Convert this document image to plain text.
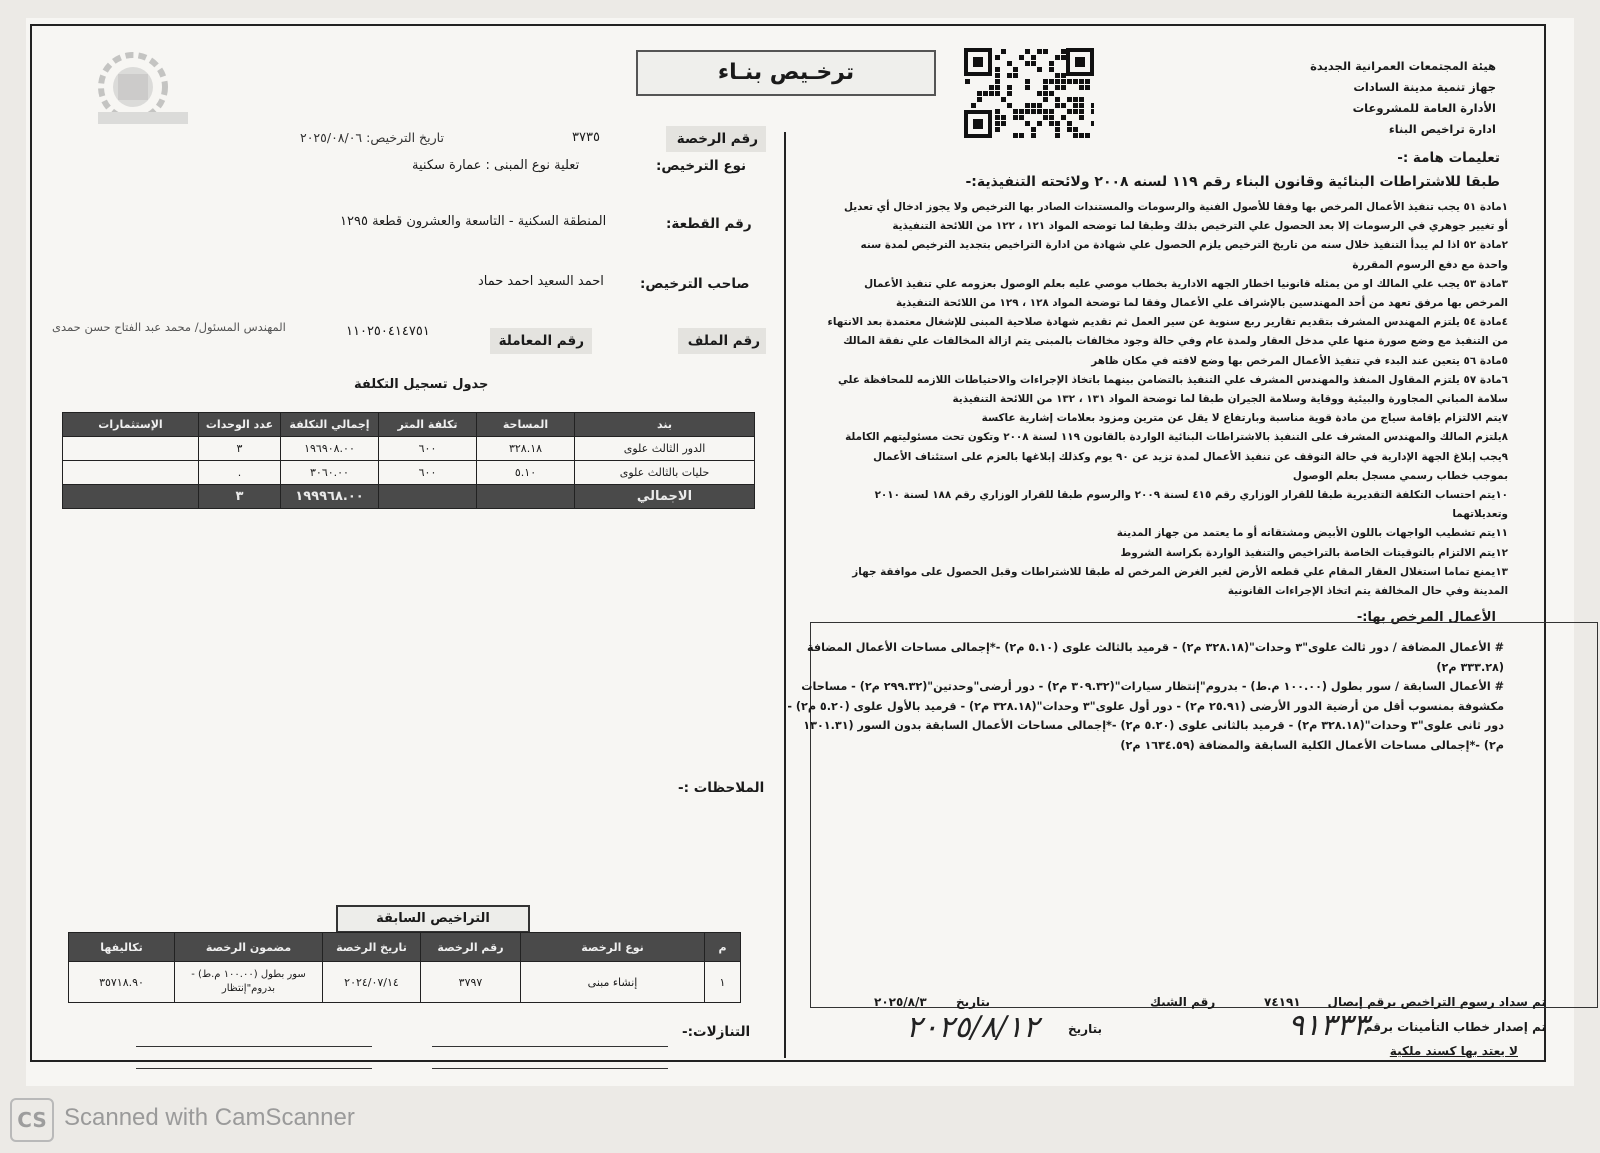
ترخـيص بنـاء	هيئة المجتمعات العمرانية الجديدة
جهاز تنمية مدينة السادات
الأدارة العامة للمشروعات
ادارة تراخيص البناء
تعليمات هامة :-
طبقا للاشتراطات البنائية وقانون البناء رقم ١١٩ لسنه ٢٠٠٨ ولائحته التنفيذية:-
١مادة ٥١ يجب تنفيذ الأعمال المرخص بها وفقا للأصول الفنية والرسومات والمستندات الصادر بها الترخيص ولا يجوز ادخال أي تعديل
أو تغيير جوهري في الرسومات إلا بعد الحصول علي الترخيص بذلك وطبقا لما توضحه المواد ١٢١ ، ١٢٢ من اللائحة التنفيذية
٢مادة ٥٢ اذا لم يبدأ التنفيذ خلال سنه من تاريخ الترخيص يلزم الحصول علي شهادة من ادارة التراخيص بتجديد الترخيص لمدة سنه
واحدة مع دفع الرسوم المقررة
٣مادة ٥٣ يجب علي المالك او من يمثله قانونيا اخطار الجهه الادارية بخطاب موصي عليه بعلم الوصول بعزومه علي تنفيذ الأعمال
المرخص بها مرفق تعهد من أحد المهندسين بالإشراف علي الأعمال وفقا لما توضحة المواد ١٢٨ ، ١٢٩ من اللائحة التنفيذية
٤مادة ٥٤ يلتزم المهندس المشرف بتقديم تقارير ربع سنوية عن سير العمل ثم تقديم شهادة صلاحية المبنى للإشغال معتمدة بعد الانتهاء
من التنفيذ مع وضع صورة منها علي مدخل العقار ولمدة عام وفي حالة وجود مخالفات بالمبنى يتم ازالة المخالفات علي نفقة المالك
٥مادة ٥٦ يتعين عند البدء في تنفيذ الأعمال المرخص بها وضع لافته في مكان ظاهر
٦مادة ٥٧ يلتزم المقاول المنفذ والمهندس المشرف علي التنفيذ بالتضامن بينهما باتخاذ الإجراءات والاحتياطات اللازمه للمحافظة علي
سلامة المباني المجاورة والبيئية ووقاية وسلامة الجيران طبقا لما توضحة المواد ١٣١ ، ١٣٢ من اللائحة التنفيذية
٧يتم الالتزام بإقامة سياج من مادة قوية مناسبة وبارتفاع لا يقل عن مترين ومزود بعلامات إشارية عاكسة
٨يلتزم المالك والمهندس المشرف على التنفيذ بالاشتراطات البنائية الواردة بالقانون ١١٩ لسنة ٢٠٠٨ وتكون تحت مسئوليتهم الكاملة
٩يجب إبلاغ الجهة الإدارية في حالة التوقف عن تنفيذ الأعمال لمدة تزيد عن ٩٠ يوم وكذلك إبلاغها بالعزم على استئناف الأعمال
بموجب خطاب رسمي مسجل بعلم الوصول
١٠يتم احتساب التكلفة التقديرية طبقا للقرار الوزاري رقم ٤١٥ لسنة ٢٠٠٩ والرسوم طبقا للقرار الوزاري رقم ١٨٨ لسنة ٢٠١٠
وتعديلاتهما
١١يتم تشطيب الواجهات باللون الأبيض ومشتقاته أو ما يعتمد من جهاز المدينة
١٢يتم الالتزام بالتوقيتات الخاصة بالتراخيص والتنفيذ الواردة بكراسة الشروط
١٣يمنع تماما استغلال العقار المقام علي قطعه الأرض لغير الغرض المرخص له طبقا للاشتراطات وقبل الحصول على موافقة جهاز
المدينة وفي حال المخالفة يتم اتخاذ الإجراءات القانونية
الأعمال المرخص بها:-

# الأعمال المضافة / دور ثالث علوى"٣ وحدات"(٣٢٨.١٨ م٢) - قرميد بالثالث علوى (٥.١٠ م٢) -*إجمالى مساحات الأعمال المضافة (٣٣٣.٢٨ م٢)

# الأعمال السابقة / سور بطول (١٠٠.٠٠ م.ط) - بدروم"إنتظار سيارات"(٣٠٩.٣٢ م٢) - دور أرضى"وحدتين"(٢٩٩.٣٢ م٢) - مساحات مكشوفة بمنسوب أقل من أرضية الدور الأرضى (٢٥.٩١ م٢) - دور أول علوى"٣ وحدات"(٣٢٨.١٨ م٢) - قرميد بالأول علوى (٥.٢٠ م٢) - دور ثانى علوى"٣ وحدات"(٣٢٨.١٨ م٢) - قرميد بالثانى علوى (٥.٢٠ م٢) -*إجمالى مساحات الأعمال السابقة بدون السور (١٣٠١.٣١ م٢) -*إجمالى مساحات الأعمال الكلية السابقة والمضافة (١٦٣٤.٥٩ م٢)

تم سداد رسوم التراخيص برقم إيصال
٧٤١٩١
رقم الشيك
بتاريخ
٢٠٢٥/٨/٣
تم إصدار خطاب التأمينات برقم
٩١٣٣٣
بتاريخ
٢٠٢٥/٨/١٢
لا يعتد بها كسند ملكية
رقم الرخصة
٣٧٣٥
تاريخ الترخيص: ٢٠٢٥/٠٨/٠٦
نوع الترخيص:
تعلية نوع المبنى : عمارة سكنية
رقم القطعة:
المنطقة السكنية - التاسعة والعشرون قطعة ١٢٩٥
صاحب الترخيص:
احمد السعيد احمد حماد
رقم الملف
رقم المعاملة
١١٠٢٥٠٤١٤٧٥١
المهندس المسئول/ محمد عبد الفتاح حسن حمدى
جدول تسجيل التكلفة
بند	المساحة	تكلفة المتر	إجمالي التكلفة	عدد الوحدات	الإستثمارات
الدور الثالث علوى	٣٢٨.١٨	٦٠٠	١٩٦٩٠٨.٠٠	٣	
حليات بالثالث علوى	٥.١٠	٦٠٠	٣٠٦٠.٠٠	.	
الاجمالي			١٩٩٩٦٨.٠٠	٣	
الملاحظات :-
التراخيص السابقة
م	نوع الرخصة	رقم الرخصة	تاريخ الرخصة	مضمون الرخصة	تكاليفها
١	إنشاء مبنى	٣٧٩٧	٢٠٢٤/٠٧/١٤	سور بطول (١٠٠.٠٠ م.ط) - بدروم"إنتظار	٣٥٧١٨.٩٠
التنازلات:-
CS Scanned with CamScanner
